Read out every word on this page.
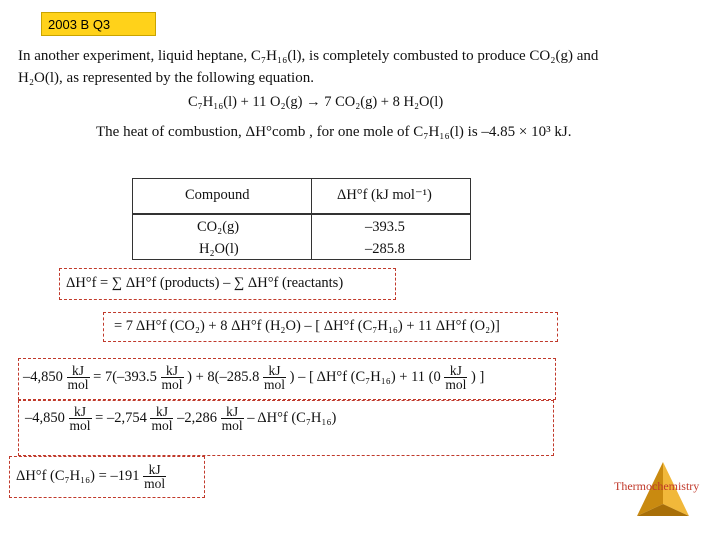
2003 B Q3
In another experiment, liquid heptane, C₇H₁₆(l), is completely combusted to produce CO₂(g) and
H₂O(l), as represented by the following equation.
C₇H₁₆(l) + 11 O₂(g) → 7 CO₂(g) + 8 H₂O(l)
The heat of combustion, ΔH°comb , for one mole of C₇H₁₆(l) is –4.85 × 10³ kJ.
Compound	ΔH°f (kJ mol⁻¹)
CO₂(g)	–393.5
H₂O(l)	–285.8
ΔH°f = ∑ ΔH°f (products) – ∑ ΔH°f (reactants)
= 7 ΔH°f (CO₂) + 8 ΔH°f (H₂O) – [ ΔH°f (C₇H₁₆) + 11 ΔH°f (O₂)]
$-4,850 \frac{kJ}{\text{mol}} = 7(-393.5 \frac{kJ}{\text{mol}}$ ) + $8(-285.8 \frac{kJ}{\text{mol}}$ ) – [ ΔH°f (C₇H₁₆) + 11 ($0 \frac{kJ}{\text{mol}}$ ) ]
$-4,850 \frac{kJ}{\text{mol}} = -2,754 \frac{kJ}{\text{mol}} -2,286 \frac{kJ}{\text{mol}} - \Delta H^\circ f$ (C₇H₁₆)
ΔH°f $(C_7H_{16}) = -191 \frac{kJ}{\text{mol}}$	Thermochemistry
